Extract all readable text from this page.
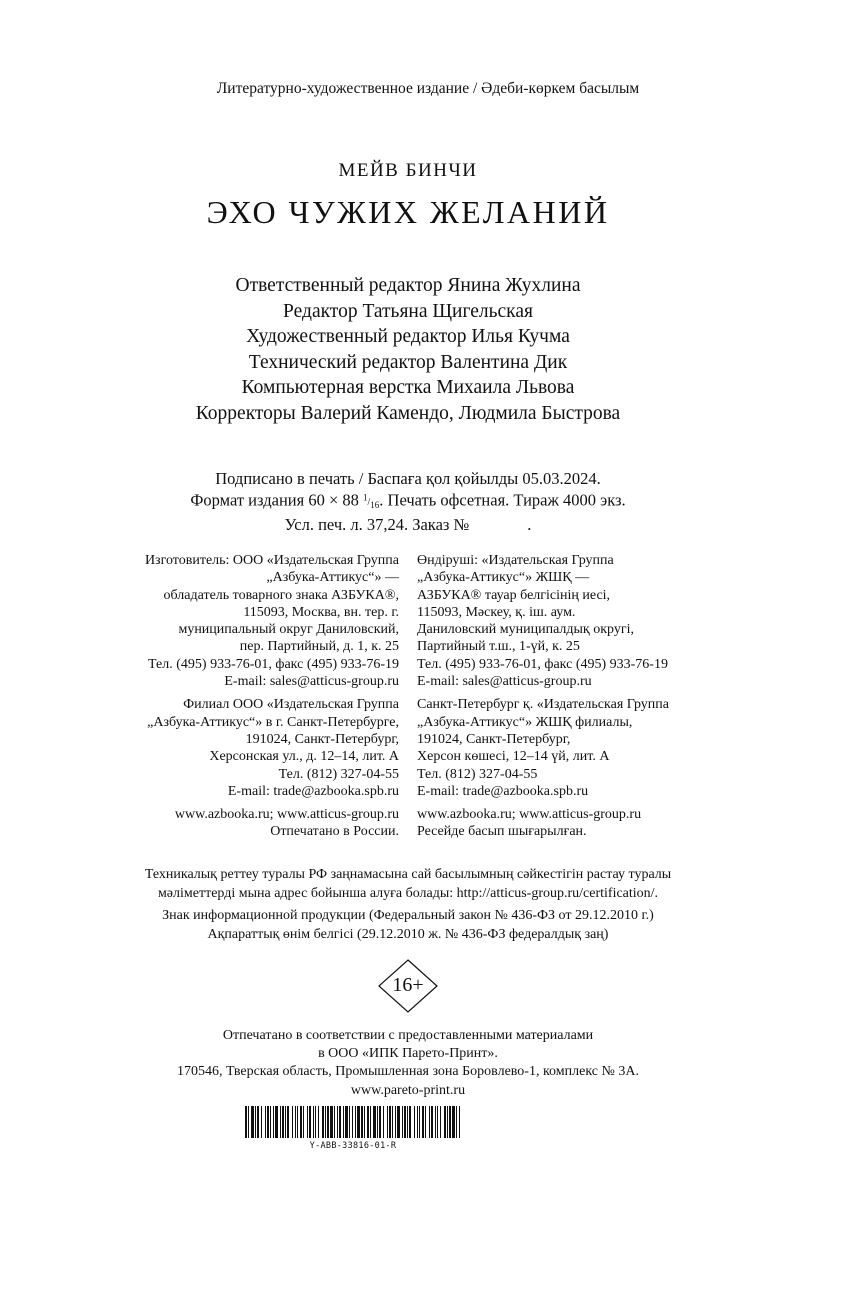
Литературно-художественное издание / Әдеби-көркем басылым
МЕЙВ БИНЧИ
ЭХО ЧУЖИХ ЖЕЛАНИЙ
Ответственный редактор Янина Жухлина
Редактор Татьяна Щигельская
Художественный редактор Илья Кучма
Технический редактор Валентина Дик
Компьютерная верстка Михаила Львова
Корректоры Валерий Камендо, Людмила Быстрова
Подписано в печать / Баспаға қол қойылды 05.03.2024.
Формат издания 60 × 88 $^1/_{16}$. Печать офсетная. Тираж 4000 экз.
Усл. печ. л. 37,24. Заказ №	.
Изготовитель: ООО «Издательская Группа
„Азбука-Аттикус“» —
обладатель товарного знака АЗБУКА®,
115093, Москва, вн. тер. г.
муниципальный округ Даниловский,
пер. Партийный, д. 1, к. 25
Тел. (495) 933-76-01, факс (495) 933-76-19
E-mail: sales@atticus-group.ru
Филиал ООО «Издательская Группа
„Азбука-Аттикус“» в г. Санкт-Петербурге,
191024, Санкт-Петербург,
Херсонская ул., д. 12–14, лит. А
Тел. (812) 327-04-55
E-mail: trade@azbooka.spb.ru
www.azbooka.ru; www.atticus-group.ru
Отпечатано в России.
Өндіруші: «Издательская Группа
„Азбука-Аттикус“» ЖШҚ —
АЗБУКА® тауар белгісінің иесі,
115093, Мәскеу, қ. іш. аум.
Даниловский муниципалдық округі,
Партийный т.ш., 1-үй, к. 25
Тел. (495) 933-76-01, факс (495) 933-76-19
E-mail: sales@atticus-group.ru
Санкт-Петербург қ. «Издательская Группа
„Азбука-Аттикус“» ЖШҚ филиалы,
191024, Санкт-Петербург,
Херсон көшесі, 12–14 үй, лит. А
Тел. (812) 327-04-55
E-mail: trade@azbooka.spb.ru
www.azbooka.ru; www.atticus-group.ru
Ресейде басып шығарылған.
Техникалық реттеу туралы РФ заңнамасына сай басылымның сәйкестігін растау туралы
мәліметтерді мына адрес бойынша алуға болады: http://atticus-group.ru/certification/.
Знак информационной продукции (Федеральный закон № 436-ФЗ от 29.12.2010 г.)
Ақпараттық өнім белгісі (29.12.2010 ж. № 436-ФЗ федералдық заң)
16+
Отпечатано в соответствии с предоставленными материалами
в ООО «ИПК Парето-Принт».
170546, Тверская область, Промышленная зона Боровлево-1, комплекс № 3А.
www.pareto-print.ru
Y-ABB-33816-01-R
